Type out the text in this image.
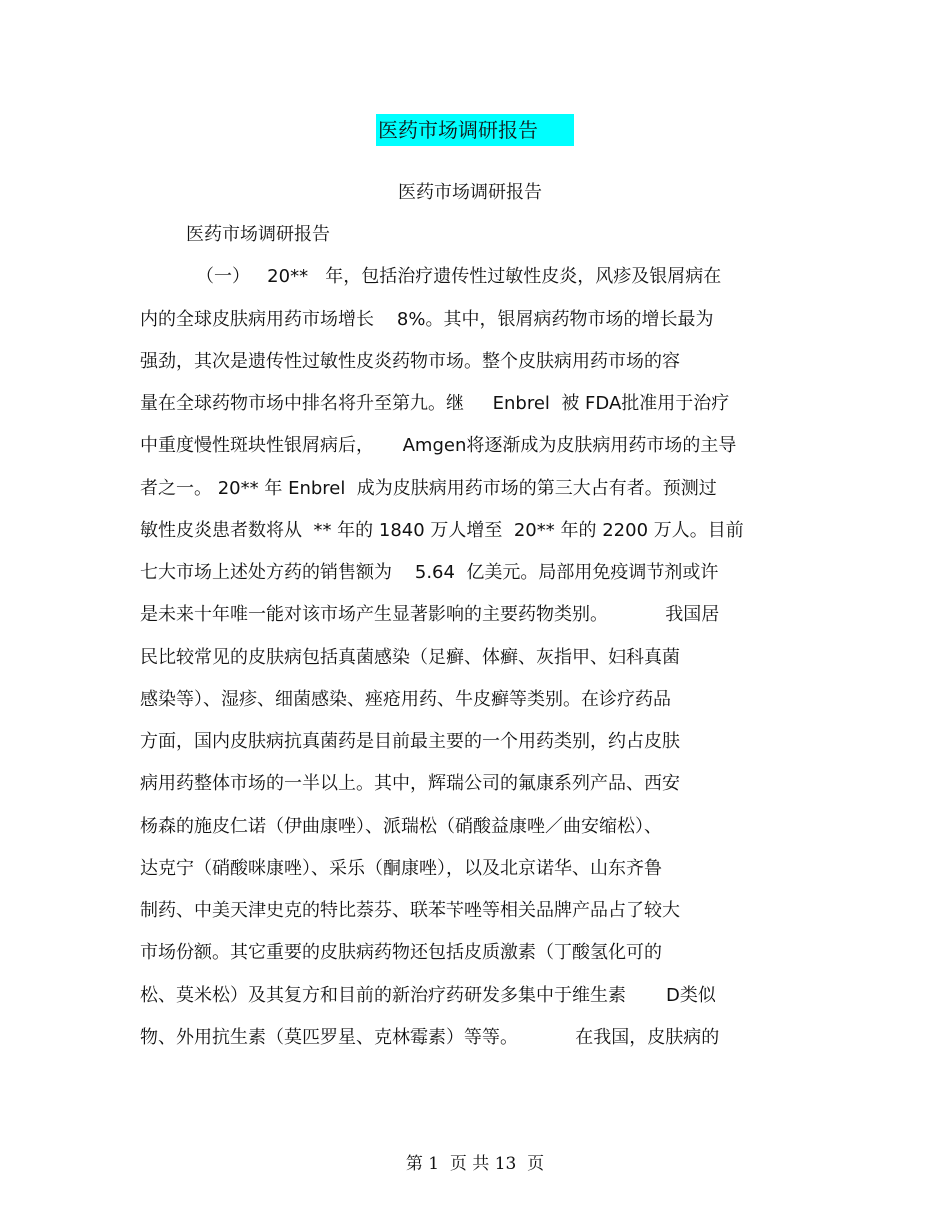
医药市场调研报告
医药市场调研报告
医药市场调研报告
（一）   20**   年，包括治疗遗传性过敏性皮炎，风疹及银屑病在
内的全球皮肤病用药市场增长    8%。其中，银屑病药物市场的增长最为
强劲，其次是遗传性过敏性皮炎药物市场。整个皮肤病用药市场的容
量在全球药物市场中排名将升至第九。继     Enbrel  被 FDA批准用于治疗
中重度慢性斑块性银屑病后，     Amgen将逐渐成为皮肤病用药市场的主导
者之一。 20** 年 Enbrel  成为皮肤病用药市场的第三大占有者。预测过
敏性皮炎患者数将从  ** 年的 1840 万人增至  20** 年的 2200 万人。目前
七大市场上述处方药的销售额为    5.64  亿美元。局部用免疫调节剂或许
是未来十年唯一能对该市场产生显著影响的主要药物类别。          我国居
民比较常见的皮肤病包括真菌感染（足癣、体癣、灰指甲、妇科真菌
感染等）、湿疹、细菌感染、痤疮用药、牛皮癣等类别。在诊疗药品
方面，国内皮肤病抗真菌药是目前最主要的一个用药类别，约占皮肤
病用药整体市场的一半以上。其中，辉瑞公司的氟康系列产品、西安
杨森的施皮仁诺（伊曲康唑）、派瑞松（硝酸益康唑／曲安缩松）、
达克宁（硝酸咪康唑）、采乐（酮康唑），以及北京诺华、山东齐鲁
制药、中美天津史克的特比萘芬、联苯苄唑等相关品牌产品占了较大
市场份额。其它重要的皮肤病药物还包括皮质激素（丁酸氢化可的
松、莫米松）及其复方和目前的新治疗药研发多集中于维生素       D类似
物、外用抗生素（莫匹罗星、克林霉素）等等。          在我国，皮肤病的
第 1  页 共 13  页
